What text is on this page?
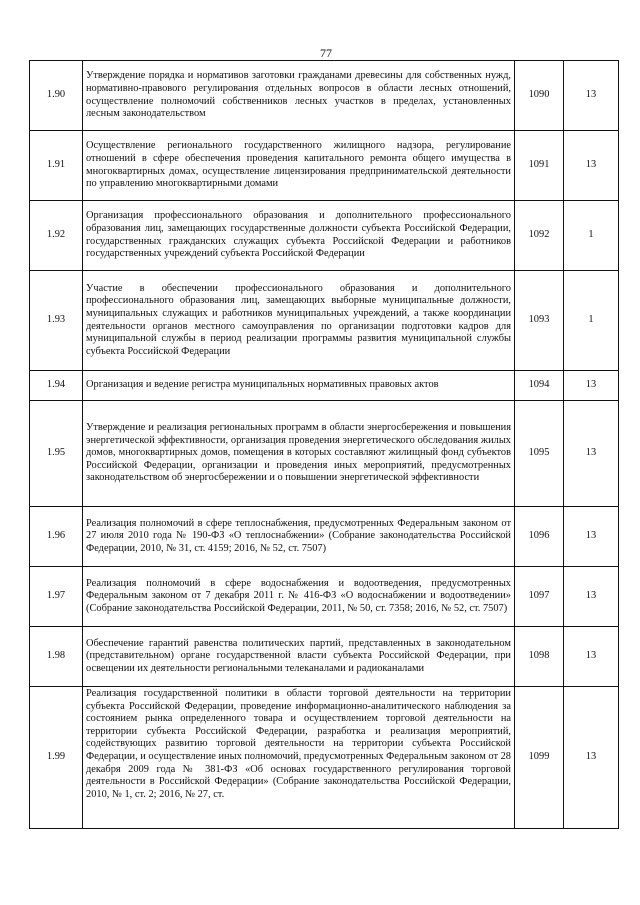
77
1.90	Утверждение порядка и нормативов заготовки гражданами древесины для собственных нужд, нормативно-правового регулирования отдельных вопросов в области лесных отношений, осуществление полномочий собственников лесных участков в пределах, установленных лесным законодательством	1090	13
1.91	Осуществление регионального государственного жилищного надзора, регулирование отношений в сфере обеспечения проведения капитального ремонта общего имущества в многоквартирных домах, осуществление лицензирования предпринимательской деятельности по управлению многоквартирными домами	1091	13
1.92	Организация профессионального образования и дополнительного профессионального образования лиц, замещающих государственные должности субъекта Российской Федерации, государственных гражданских служащих субъекта Российской Федерации и работников государственных учреждений субъекта Российской Федерации	1092	1
1.93	Участие в обеспечении профессионального образования и дополнительного профессионального образования лиц, замещающих выборные муниципальные должности, муниципальных служащих и работников муниципальных учреждений, а также координации деятельности органов местного самоуправления по организации подготовки кадров для муниципальной службы в период реализации программы развития муниципальной службы субъекта Российской Федерации	1093	1
1.94	Организация и ведение регистра муниципальных нормативных правовых актов	1094	13
1.95	Утверждение и реализация региональных программ в области энергосбережения и повышения энергетической эффективности, организация проведения энергетического обследования жилых домов, многоквартирных домов, помещения в которых составляют жилищный фонд субъектов Российской Федерации, организации и проведения иных мероприятий, предусмотренных законодательством об энергосбережении и о повышении энергетической эффективности	1095	13
1.96	Реализация полномочий в сфере теплоснабжения, предусмотренных Федеральным законом от 27 июля 2010 года № 190-ФЗ «О теплоснабжении» (Собрание законодательства Российской Федерации, 2010, № 31, ст. 4159; 2016, № 52, ст. 7507)	1096	13
1.97	Реализация полномочий в сфере водоснабжения и водоотведения, предусмотренных Федеральным законом от 7 декабря 2011 г. № 416-ФЗ «О водоснабжении и водоотведении» (Собрание законодательства Российской Федерации, 2011, № 50, ст. 7358; 2016, № 52, ст. 7507)	1097	13
1.98	Обеспечение гарантий равенства политических партий, представленных в законодательном (представительном) органе государственной власти субъекта Российской Федерации, при освещении их деятельности региональными телеканалами и радиоканалами	1098	13
1.99	Реализация государственной политики в области торговой деятельности на территории субъекта Российской Федерации, проведение информационно-аналитического наблюдения за состоянием рынка определенного товара и осуществлением торговой деятельности на территории субъекта Российской Федерации, разработка и реализация мероприятий, содействующих развитию торговой деятельности на территории субъекта Российской Федерации, и осуществление иных полномочий, предусмотренных Федеральным законом от 28 декабря 2009 года № 381-ФЗ «Об основах государственного регулирования торговой деятельности в Российской Федерации» (Собрание законодательства Российской Федерации, 2010, № 1, ст. 2; 2016, № 27, ст.	1099	13
